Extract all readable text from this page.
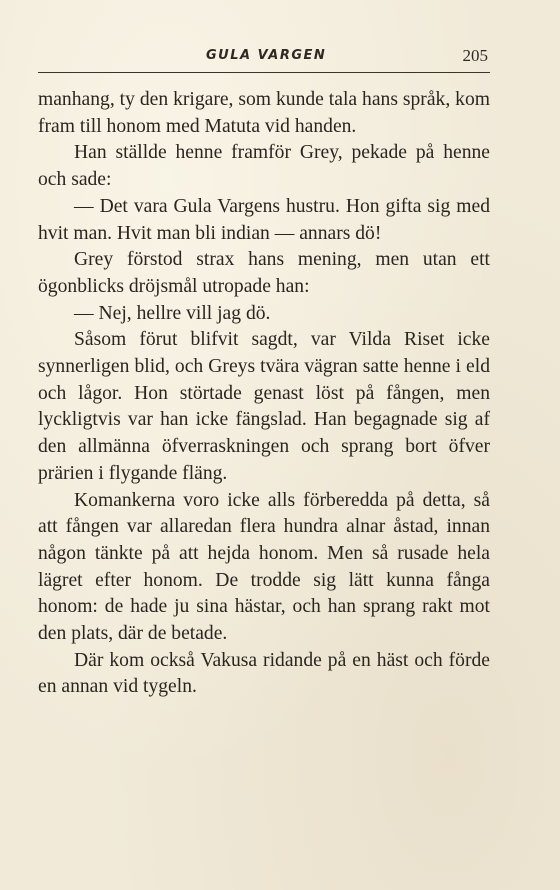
GULA VARGEN	205

manhang, ty den krigare, som kunde tala hans språk, kom fram till honom med Matuta vid handen.

Han ställde henne framför Grey, pekade på henne och sade:

— Det vara Gula Vargens hustru. Hon gifta sig med hvit man. Hvit man bli indian — annars dö!

Grey förstod strax hans mening, men utan ett ögonblicks dröjsmål utropade han:

— Nej, hellre vill jag dö.

Såsom förut blifvit sagdt, var Vilda Riset icke synnerligen blid, och Greys tvära vägran satte henne i eld och lågor. Hon störtade genast löst på fången, men lyckligtvis var han icke fängslad. Han begagnade sig af den allmänna öfverraskningen och sprang bort öfver prärien i flygande fläng.

Komankerna voro icke alls förberedda på detta, så att fången var allaredan flera hundra alnar åstad, innan någon tänkte på att hejda honom. Men så rusade hela lägret efter honom. De trodde sig lätt kunna fånga honom: de hade ju sina hästar, och han sprang rakt mot den plats, där de betade.

Där kom också Vakusa ridande på en häst och förde en annan vid tygeln.
